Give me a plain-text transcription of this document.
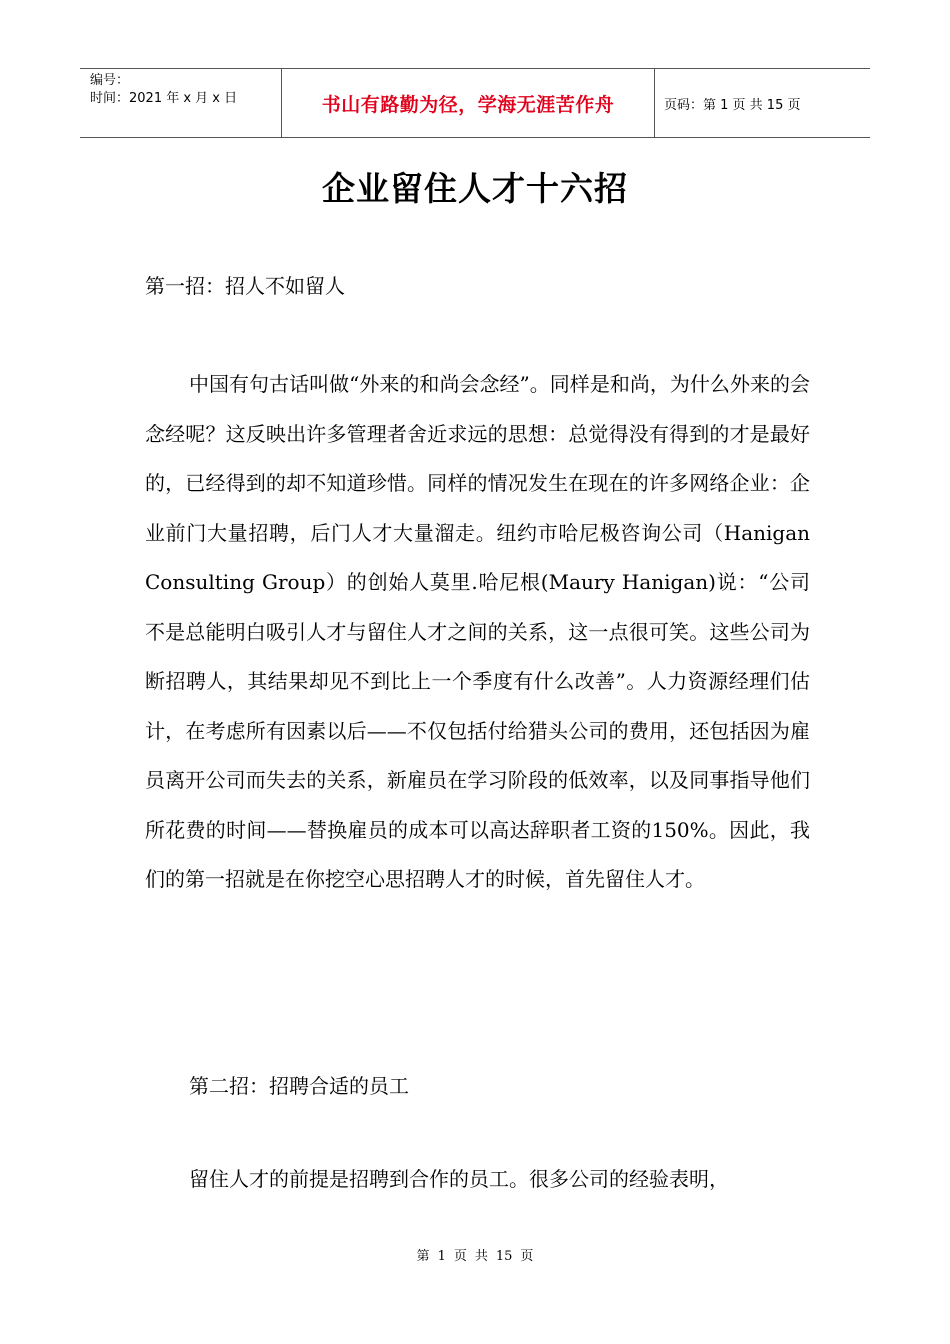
编号：
时间：2021 年 x 月 x 日	书山有路勤为径，学海无涯苦作舟	页码：第 1 页 共 15 页
企业留住人才十六招

第一招：招人不如留人

中国有句古话叫做“外来的和尚会念经”。同样是和尚，为什么外来的会念经呢？这反映出许多管理者舍近求远的思想：总觉得没有得到的才是最好的，已经得到的却不知道珍惜。同样的情况发生在现在的许多网络企业：企业前门大量招聘，后门人才大量溜走。纽约市哈尼极咨询公司（Hanigan Consulting Group）的创始人莫里.哈尼根(Maury Hanigan)说：“公司不是总能明白吸引人才与留住人才之间的关系，这一点很可笑。这些公司为断招聘人，其结果却见不到比上一个季度有什么改善”。人力资源经理们估计，在考虑所有因素以后——不仅包括付给猎头公司的费用，还包括因为雇员离开公司而失去的关系，新雇员在学习阶段的低效率，以及同事指导他们所花费的时间——替换雇员的成本可以高达辞职者工资的150%。因此，我们的第一招就是在你挖空心思招聘人才的时候，首先留住人才。

第二招：招聘合适的员工

留住人才的前提是招聘到合作的员工。很多公司的经验表明，

第 1 页 共 15 页
